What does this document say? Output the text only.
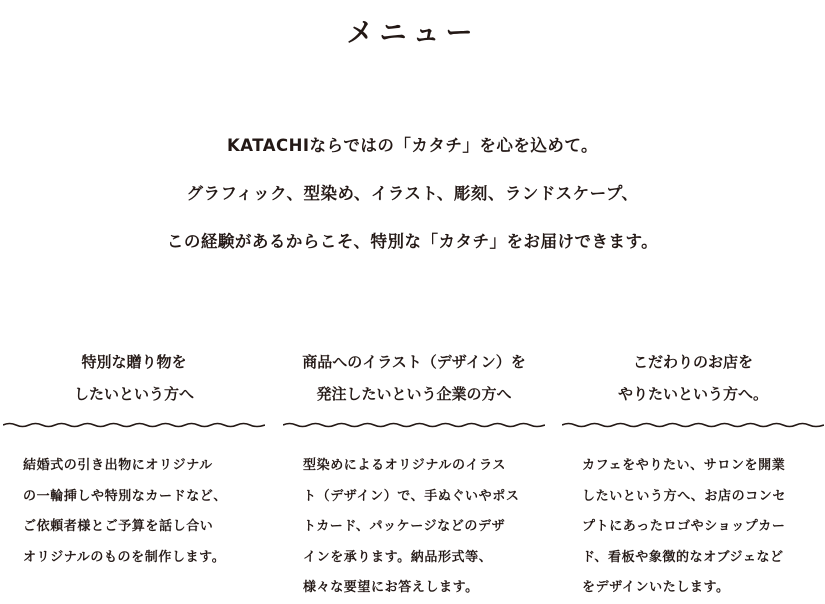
メニュー
KATACHIならではの「カタチ」を心を込めて。
グラフィック、型染め、イラスト、彫刻、ランドスケープ、
この経験があるからこそ、特別な「カタチ」をお届けできます。
特別な贈り物を
したいという方へ
結婚式の引き出物にオリジナル
の一輪挿しや特別なカードなど、
ご依頼者様とご予算を話し合い
オリジナルのものを制作します。
商品へのイラスト（デザイン）を
発注したいという企業の方へ
型染めによるオリジナルのイラス
ト（デザイン）で、手ぬぐいやポス
トカード、パッケージなどのデザ
インを承ります。納品形式等、
様々な要望にお答えします。
こだわりのお店を
やりたいという方へ。
カフェをやりたい、サロンを開業
したいという方へ、お店のコンセ
プトにあったロゴやショップカー
ド、看板や象徴的なオブジェなど
をデザインいたします。
